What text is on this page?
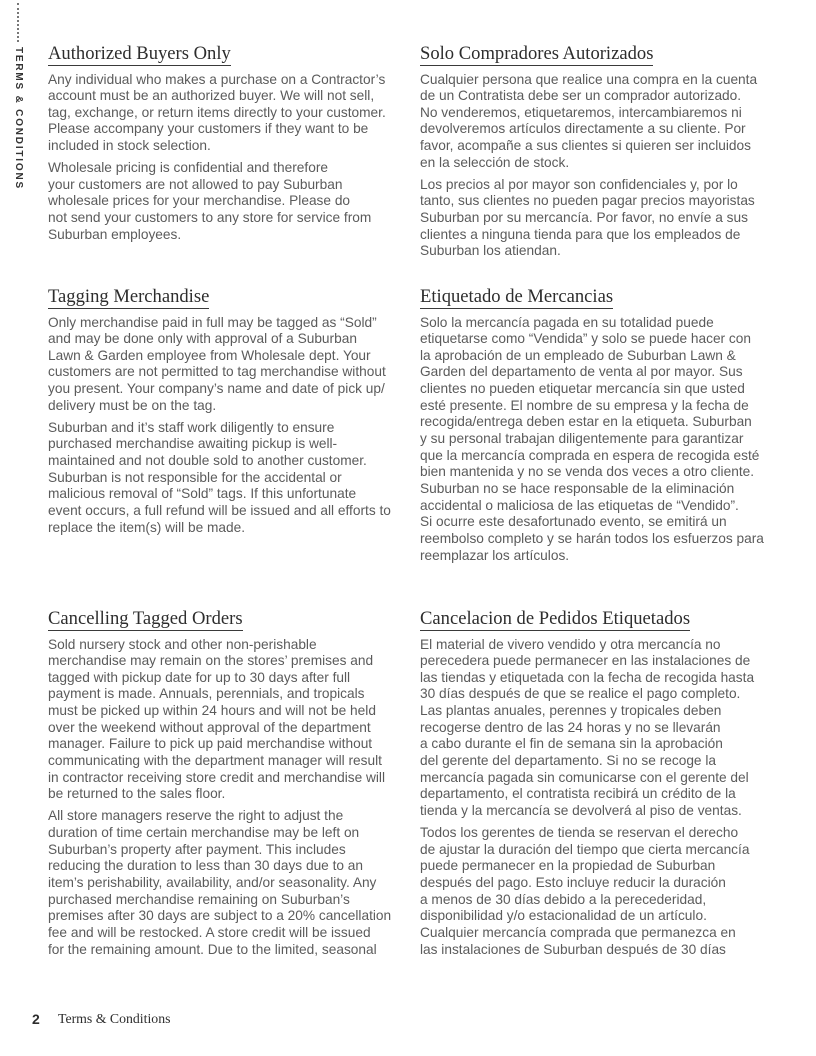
TERMS & CONDITIONS Authorized Buyers Only
Any individual who makes a purchase on a Contractor’s
account must be an authorized buyer. We will not sell,
tag, exchange, or return items directly to your customer.
Please accompany your customers if they want to be
included in stock selection.
Wholesale pricing is confidential and therefore
your customers are not allowed to pay Suburban
wholesale prices for your merchandise. Please do
not send your customers to any store for service from
Suburban employees.
Solo Compradores Autorizados
Cualquier persona que realice una compra en la cuenta
de un Contratista debe ser un comprador autorizado.
No venderemos, etiquetaremos, intercambiaremos ni
devolveremos artículos directamente a su cliente. Por
favor, acompañe a sus clientes si quieren ser incluidos
en la selección de stock.
Los precios al por mayor son confidenciales y, por lo
tanto, sus clientes no pueden pagar precios mayoristas
Suburban por su mercancía. Por favor, no envíe a sus
clientes a ninguna tienda para que los empleados de
Suburban los atiendan.
Tagging Merchandise
Only merchandise paid in full may be tagged as “Sold”
and may be done only with approval of a Suburban
Lawn & Garden employee from Wholesale dept. Your
customers are not permitted to tag merchandise without
you present. Your company’s name and date of pick up/
delivery must be on the tag.
Suburban and it’s staff work diligently to ensure
purchased merchandise awaiting pickup is well-
maintained and not double sold to another customer.
Suburban is not responsible for the accidental or
malicious removal of “Sold” tags. If this unfortunate
event occurs, a full refund will be issued and all efforts to
replace the item(s) will be made.
Etiquetado de Mercancias
Solo la mercancía pagada en su totalidad puede
etiquetarse como “Vendida” y solo se puede hacer con
la aprobación de un empleado de Suburban Lawn &
Garden del departamento de venta al por mayor. Sus
clientes no pueden etiquetar mercancía sin que usted
esté presente. El nombre de su empresa y la fecha de
recogida/entrega deben estar en la etiqueta. Suburban
y su personal trabajan diligentemente para garantizar
que la mercancía comprada en espera de recogida esté
bien mantenida y no se venda dos veces a otro cliente.
Suburban no se hace responsable de la eliminación
accidental o maliciosa de las etiquetas de “Vendido”.
Si ocurre este desafortunado evento, se emitirá un
reembolso completo y se harán todos los esfuerzos para
reemplazar los artículos.
Cancelling Tagged Orders
Sold nursery stock and other non-perishable
merchandise may remain on the stores’ premises and
tagged with pickup date for up to 30 days after full
payment is made. Annuals, perennials, and tropicals
must be picked up within 24 hours and will not be held
over the weekend without approval of the department
manager. Failure to pick up paid merchandise without
communicating with the department manager will result
in contractor receiving store credit and merchandise will
be returned to the sales floor.
All store managers reserve the right to adjust the
duration of time certain merchandise may be left on
Suburban’s property after payment. This includes
reducing the duration to less than 30 days due to an
item’s perishability, availability, and/or seasonality. Any
purchased merchandise remaining on Suburban’s
premises after 30 days are subject to a 20% cancellation
fee and will be restocked. A store credit will be issued
for the remaining amount. Due to the limited, seasonal
Cancelacion de Pedidos Etiquetados
El material de vivero vendido y otra mercancía no
perecedera puede permanecer en las instalaciones de
las tiendas y etiquetada con la fecha de recogida hasta
30 días después de que se realice el pago completo.
Las plantas anuales, perennes y tropicales deben
recogerse dentro de las 24 horas y no se llevarán
a cabo durante el fin de semana sin la aprobación
del gerente del departamento. Si no se recoge la
mercancía pagada sin comunicarse con el gerente del
departamento, el contratista recibirá un crédito de la
tienda y la mercancía se devolverá al piso de ventas.
Todos los gerentes de tienda se reservan el derecho
de ajustar la duración del tiempo que cierta mercancía
puede permanecer en la propiedad de Suburban
después del pago. Esto incluye reducir la duración
a menos de 30 días debido a la perecederidad,
disponibilidad y/o estacionalidad de un artículo.
Cualquier mercancía comprada que permanezca en
las instalaciones de Suburban después de 30 días
2 Terms & Conditions
